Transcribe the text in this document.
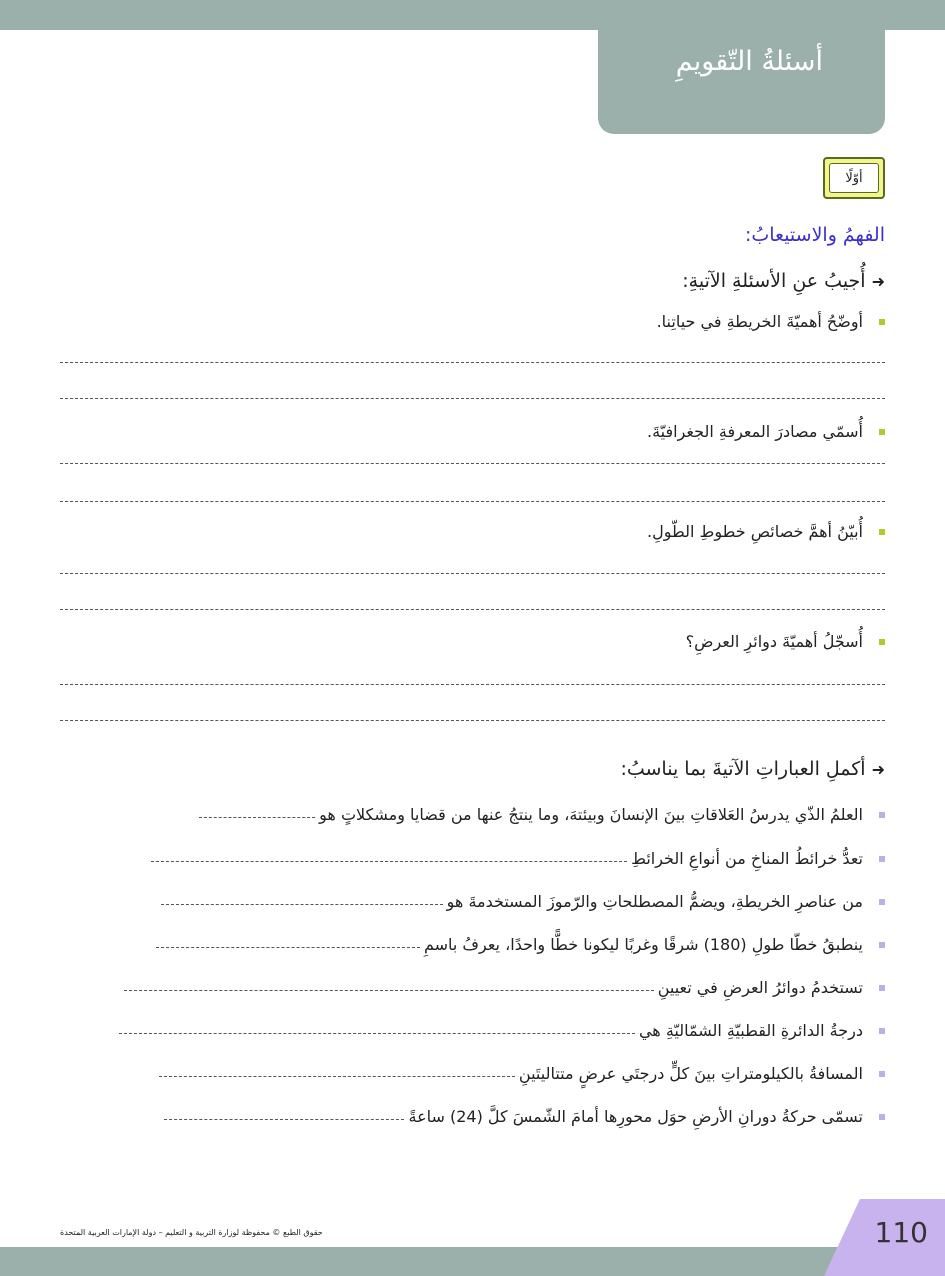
أسئلةُ التّقويمِ
أوّلًا
الفهمُ والاستيعابُ:
➜
أُجيبُ عنِ الأسئلةِ الآتيةِ:
أوضّحُ أهميّةَ الخريطةِ في حياتِنا.
أُسمّي مصادرَ المعرفةِ الجغرافيّةَ.
أُبيّنُ أهمَّ خصائصِ خطوطِ الطّولِ.
أُسجّلُ أهميّةَ دوائرِ العرضِ؟
➜
أكملِ العباراتِ الآتيةَ بما يناسبُ:
العلمُ الذّي يدرسُ العَلاقاتِ بينَ الإنسانَ وبيئتهَ، وما ينتجُ عنها من قضايا ومشكلاتٍ هو
تعدُّ خرائطُ المناخِ من أنواعِ الخرائطِ
من عناصرِ الخريطةِ، ويضمُّ المصطلحاتِ والرّموزَ المستخدمةَ هو
ينطبقُ خطّا طولِ (180) شرقًا وغربًا ليكونا خطًّا واحدًا، يعرفُ باسمِ
تستخدمُ دوائرُ العرضِ في تعيينِ
درجةُ الدائرةِ القطبيّةِ الشمّاليّةِ هي
المسافةُ بالكيلومتراتِ بينَ كلٍّ درجتَي عرضٍ متتاليتَينِ
تسمّى حركةُ دورانِ الأرضِ حوَل محورِها أمامَ الشّمسَ كلَّ (24) ساعةً
حقوق الطبع © محفوظة لوزارة التربية و التعليم – دولة الإمارات العربية المتحدة	110
